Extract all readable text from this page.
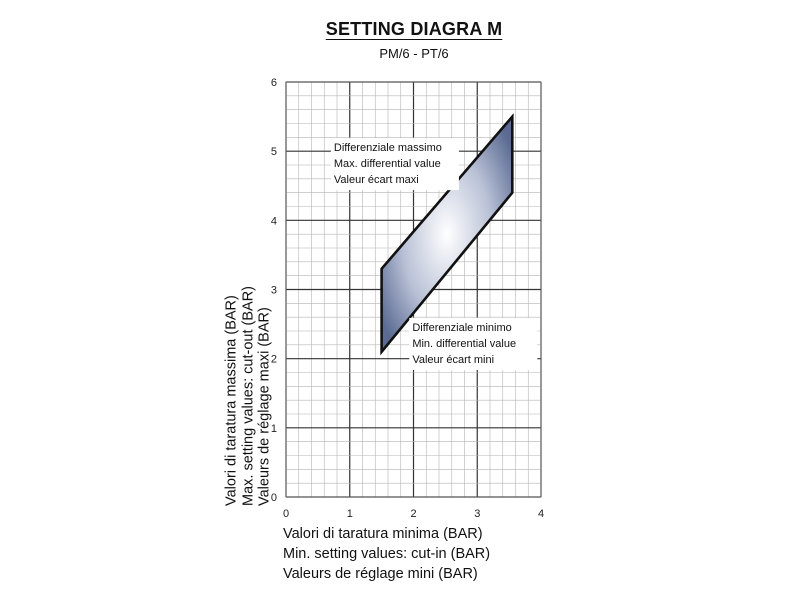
SETTING DIAGRA M
PM/6 - PT/6
Differenziale massimo
Max. differential value
Valeur écart maxi
Differenziale minimo
Min. differential value
Valeur écart mini
0	1	2	3	4
0
1
2
3
4
5
6
Valori di taratura massima (BAR) Max. setting values: cut-out (BAR) Valeurs de réglage maxi (BAR)
Valori di taratura minima (BAR)
Min. setting values: cut-in (BAR)
Valeurs de réglage mini (BAR)
